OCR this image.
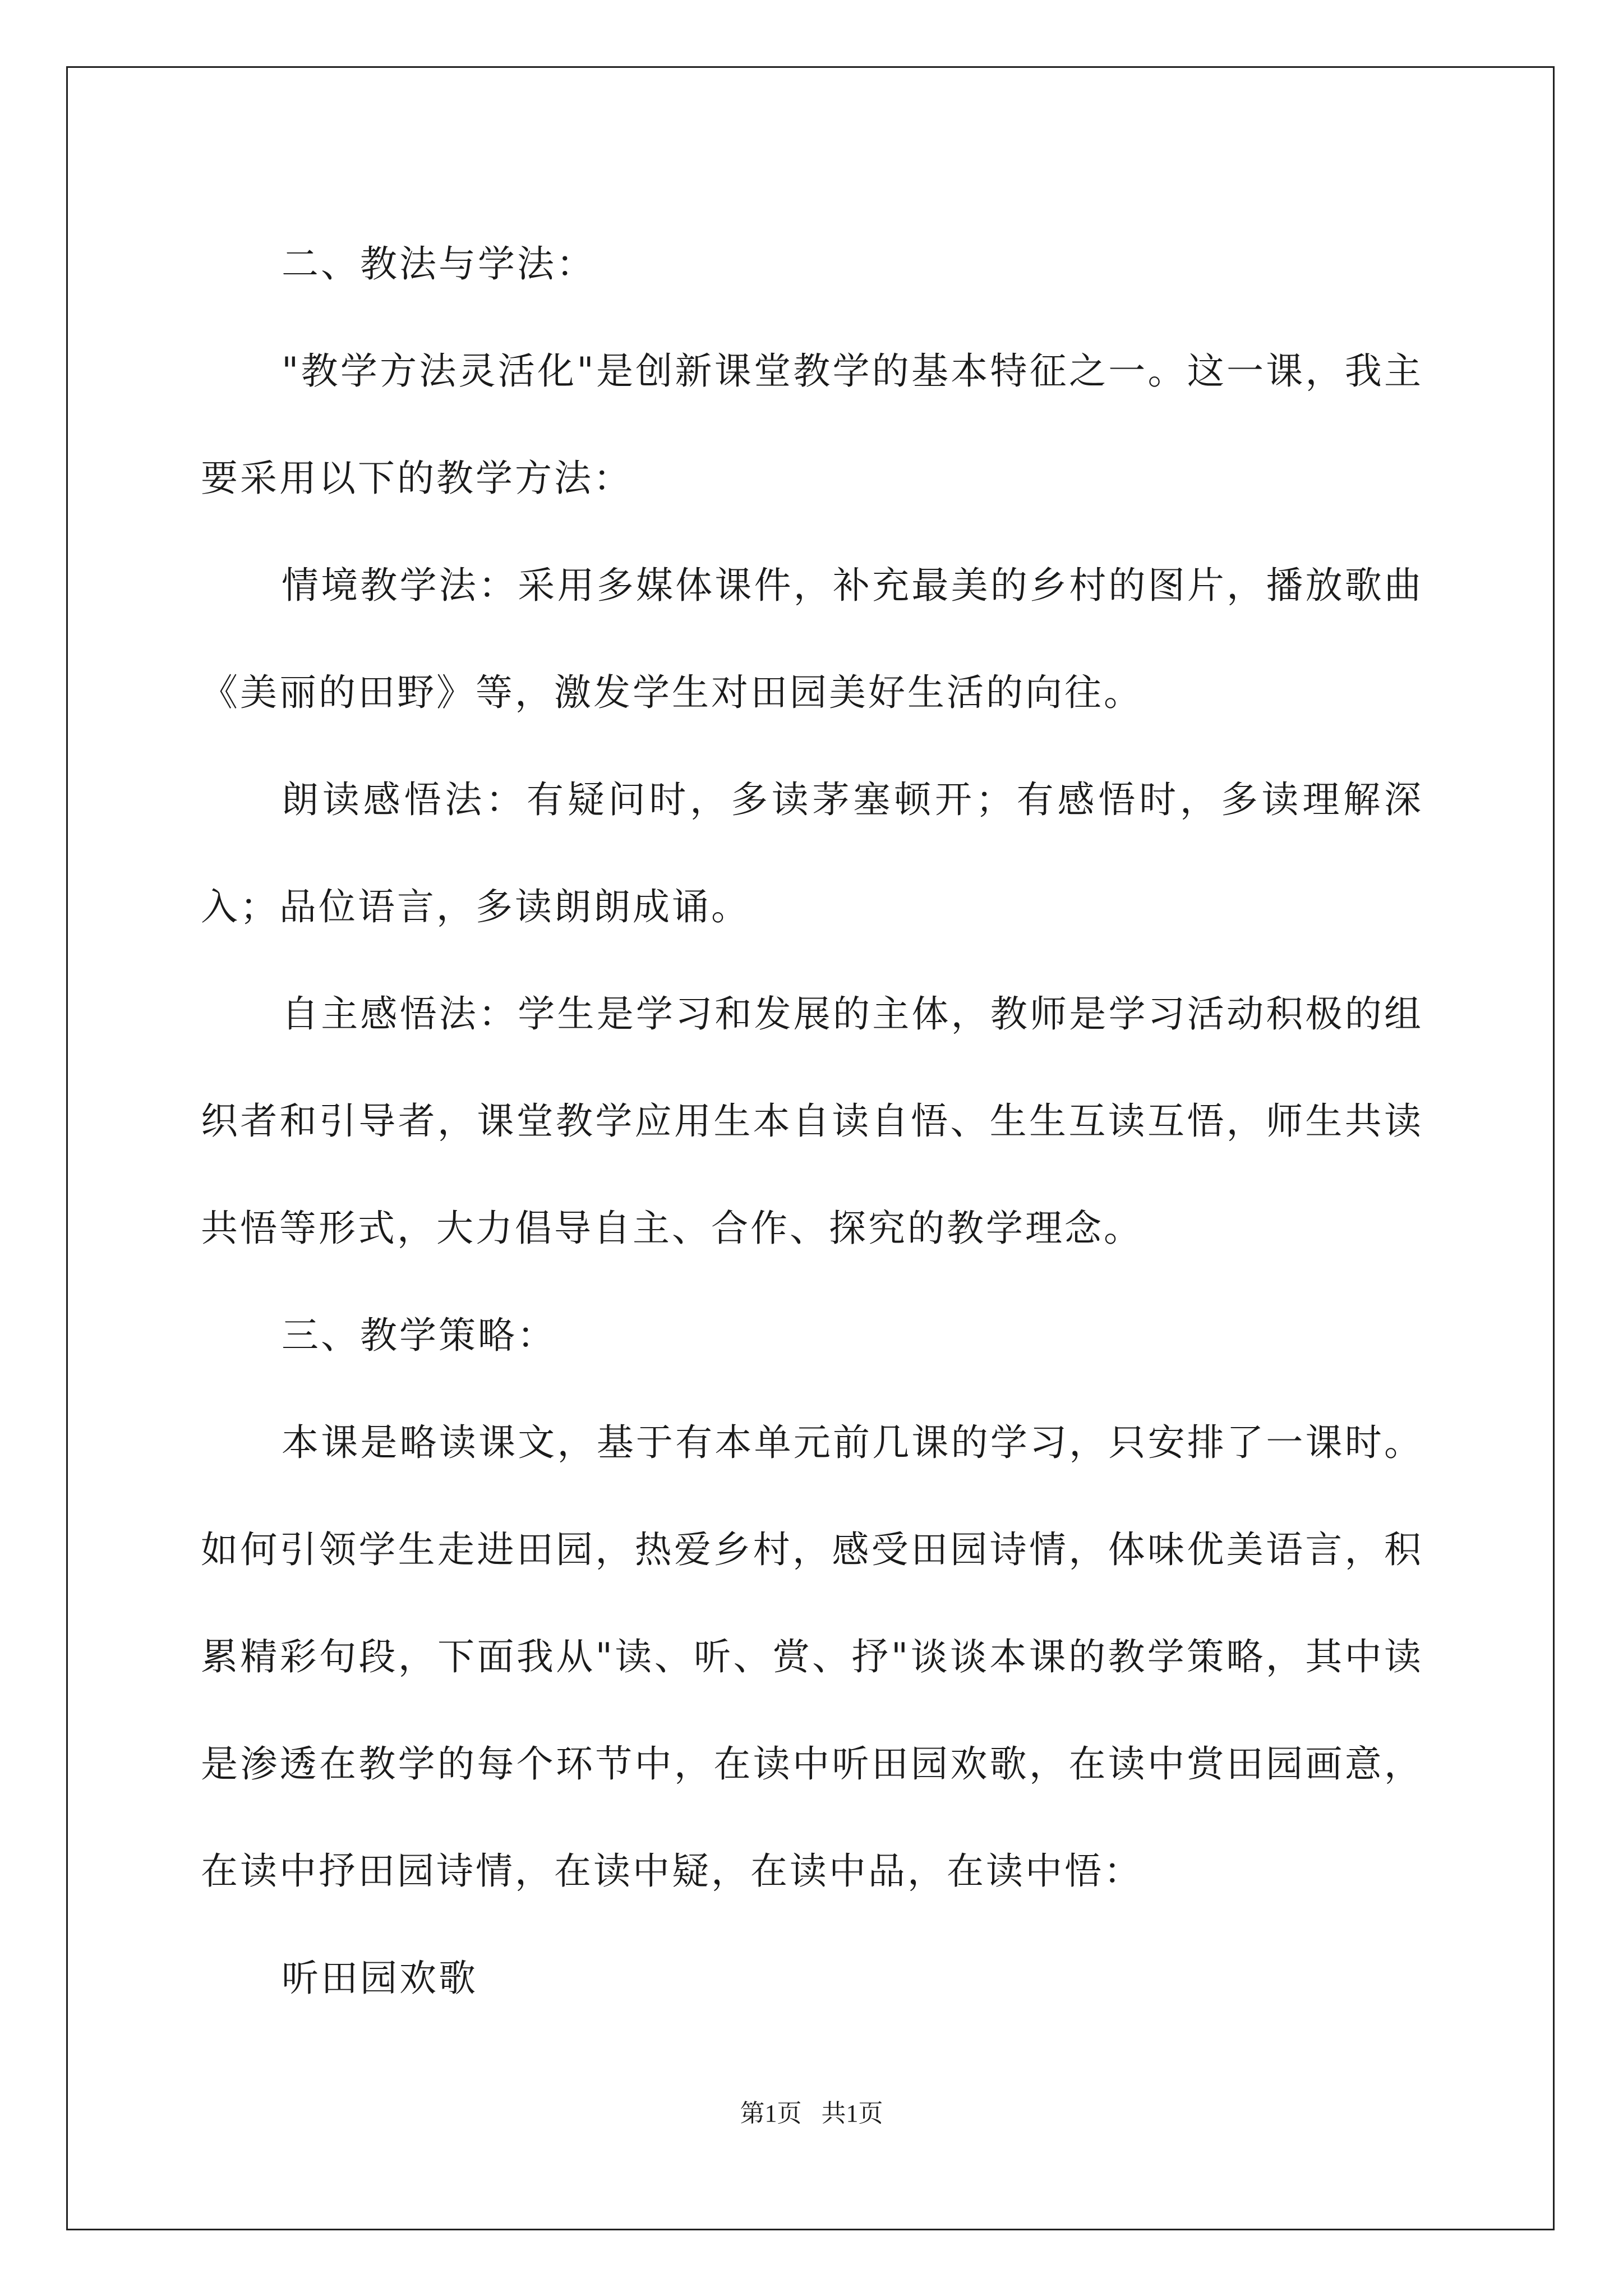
二、教法与学法：

"教学方法灵活化"是创新课堂教学的基本特征之一。这一课，我主要采用以下的教学方法：

情境教学法：采用多媒体课件，补充最美的乡村的图片，播放歌曲《美丽的田野》等，激发学生对田园美好生活的向往。

朗读感悟法：有疑问时，多读茅塞顿开；有感悟时，多读理解深入；品位语言，多读朗朗成诵。

自主感悟法：学生是学习和发展的主体，教师是学习活动积极的组织者和引导者，课堂教学应用生本自读自悟、生生互读互悟，师生共读共悟等形式，大力倡导自主、合作、探究的教学理念。

三、教学策略：

本课是略读课文，基于有本单元前几课的学习，只安排了一课时。如何引领学生走进田园，热爱乡村，感受田园诗情，体味优美语言，积累精彩句段，下面我从"读、听、赏、抒"谈谈本课的教学策略，其中读是渗透在教学的每个环节中，在读中听田园欢歌，在读中赏田园画意，在读中抒田园诗情，在读中疑，在读中品，在读中悟：

听田园欢歌

第1页 共1页
